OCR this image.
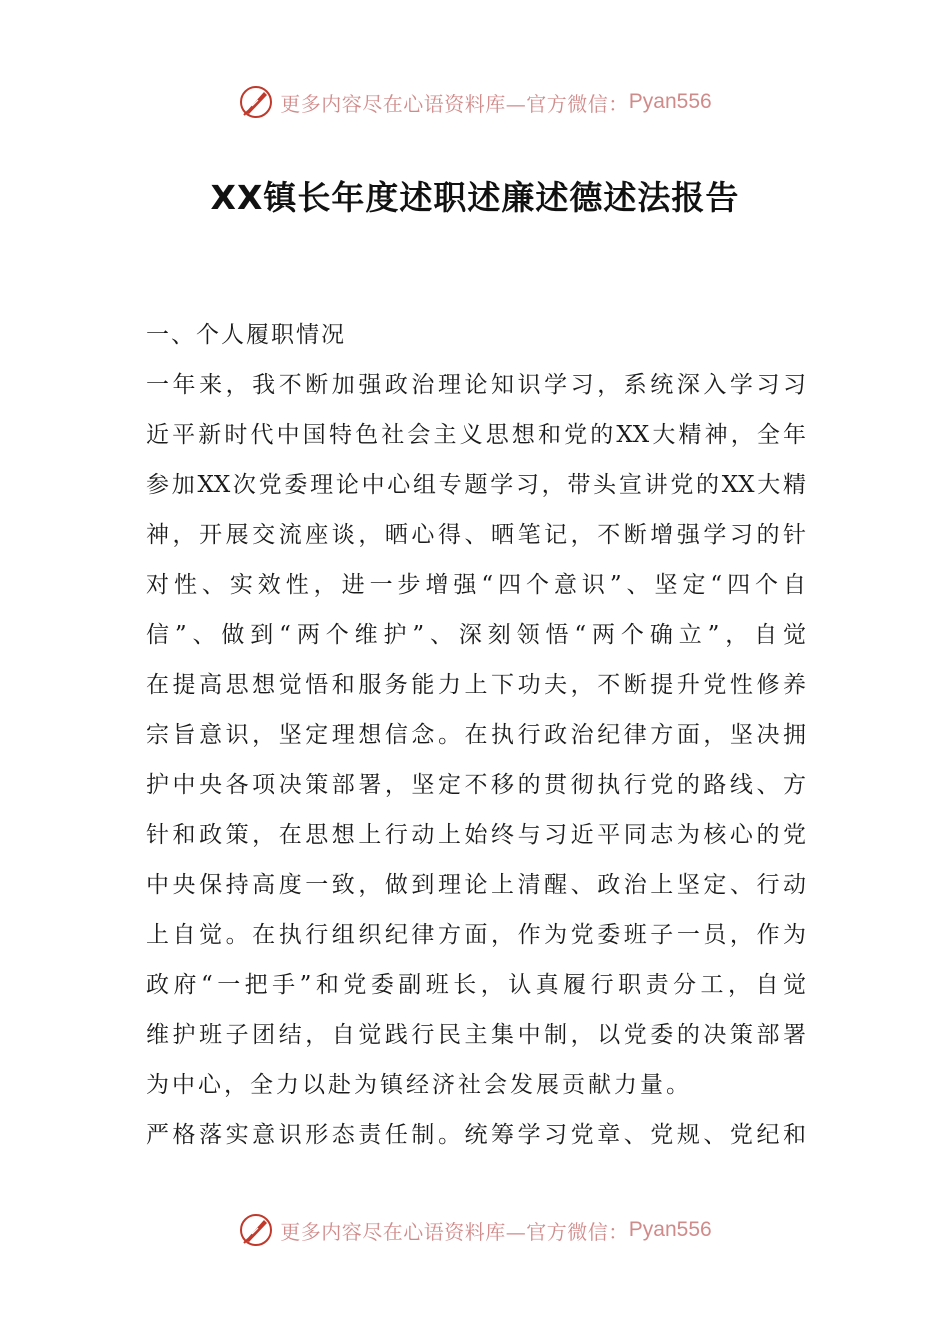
更多内容尽在心语资料库—官方微信： Pyan556
XX镇长年度述职述廉述德述法报告
一、个人履职情况
一年来，我不断加强政治理论知识学习，系统深入学习习
近平新时代中国特色社会主义思想和党的XX大精神，全年
参加XX次党委理论中心组专题学习，带头宣讲党的XX大精
神，开展交流座谈，晒心得、晒笔记，不断增强学习的针
对性、实效性，进一步增强“四个意识”、坚定“四个自
信”、做到“两个维护”、深刻领悟“两个确立”，自觉
在提高思想觉悟和服务能力上下功夫，不断提升党性修养
宗旨意识，坚定理想信念。在执行政治纪律方面，坚决拥
护中央各项决策部署，坚定不移的贯彻执行党的路线、方
针和政策，在思想上行动上始终与习近平同志为核心的党
中央保持高度一致，做到理论上清醒、政治上坚定、行动
上自觉。在执行组织纪律方面，作为党委班子一员，作为
政府“一把手”和党委副班长，认真履行职责分工，自觉
维护班子团结，自觉践行民主集中制，以党委的决策部署
为中心，全力以赴为镇经济社会发展贡献力量。
严格落实意识形态责任制。统筹学习党章、党规、党纪和
更多内容尽在心语资料库—官方微信： Pyan556
